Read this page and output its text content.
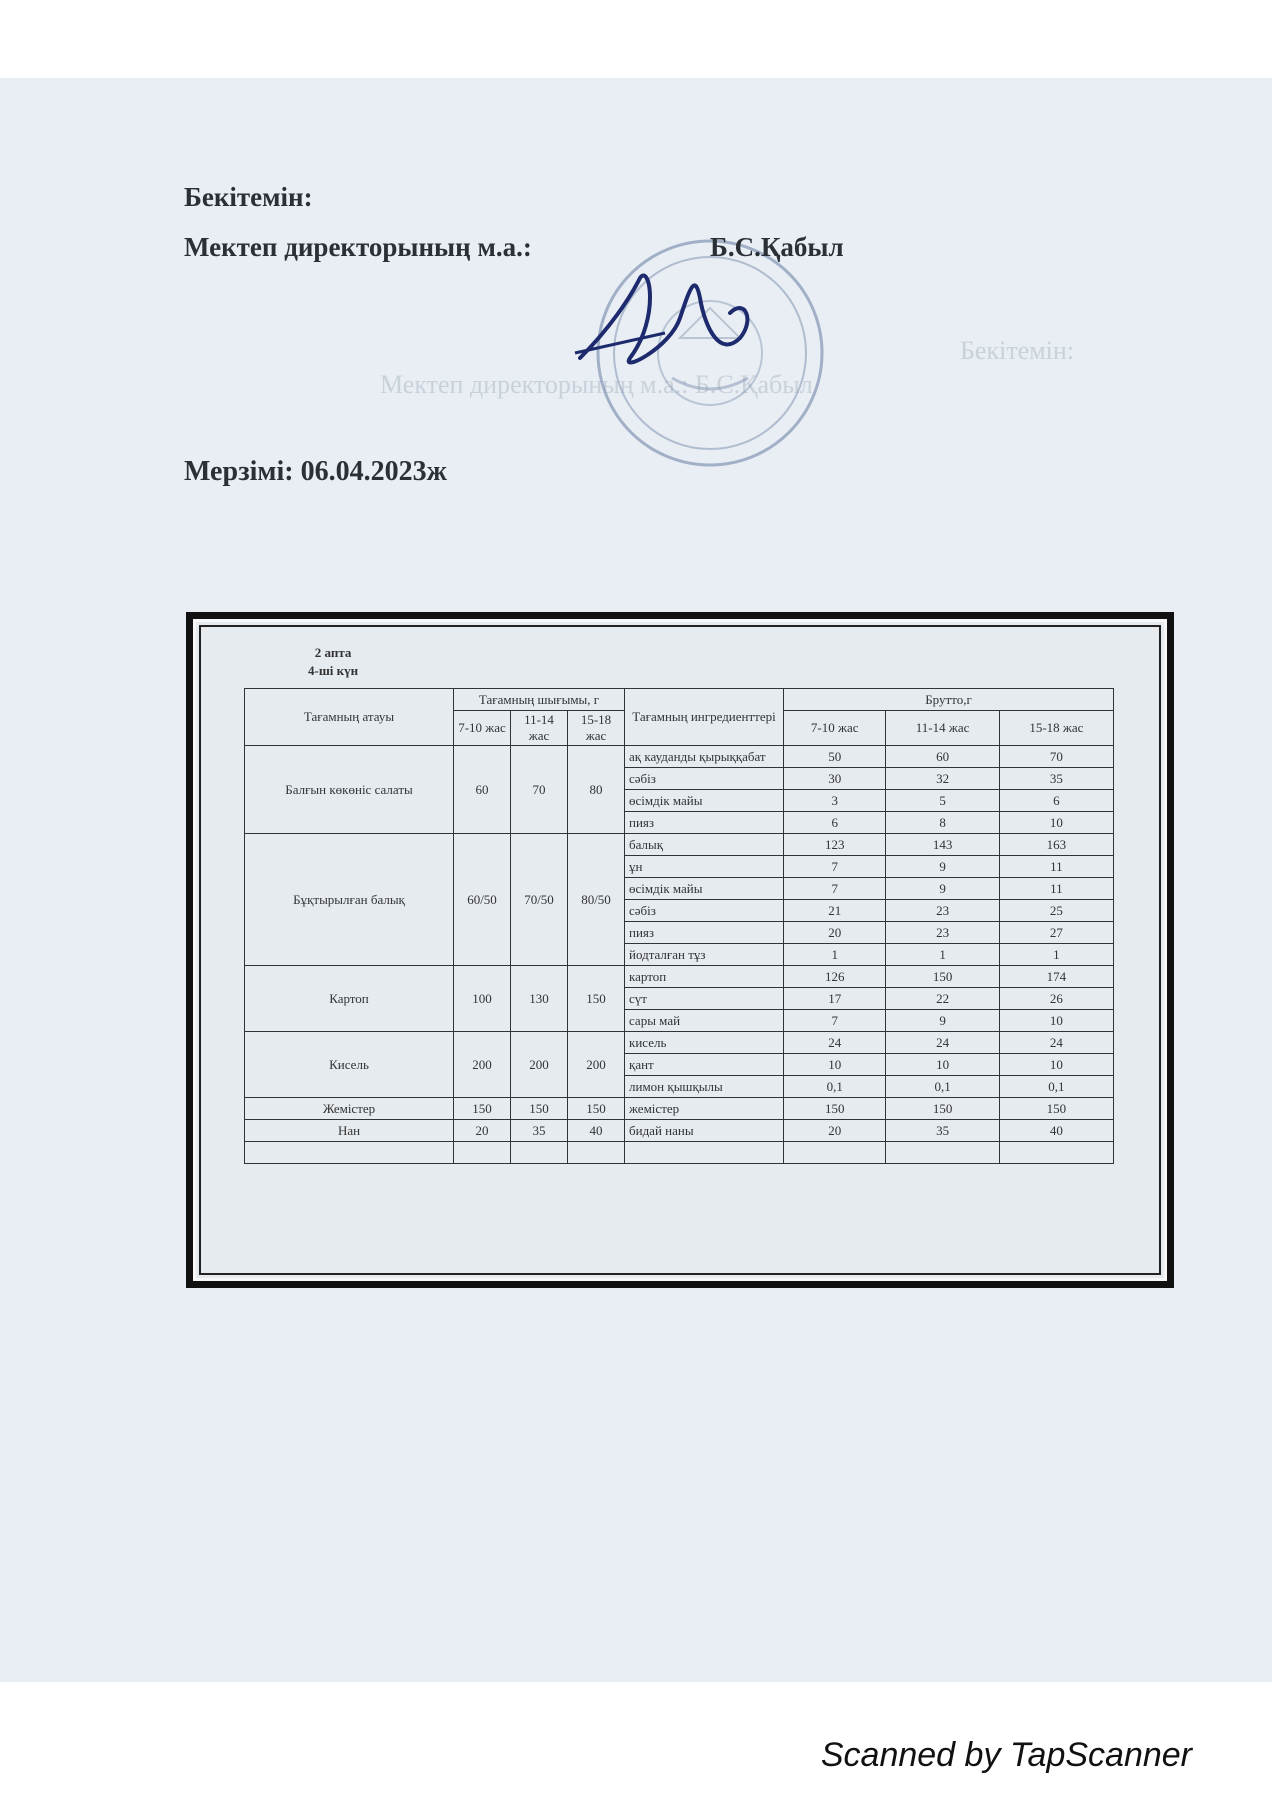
Бекітемін:
Мектеп директорының м.а.: Б.С.Қабыл
Бекітемін:
Мектеп директорының м.а.:	Б.С.Қабыл
Мерзімі: 06.04.2023ж
2 апта
4-ші күн
Тағамның атауы	Тағамның шығымы, г			Тағамның ингредиенттері	Брутто,г		
	7-10 жас	11-14 жас	15-18 жас		7-10 жас	11-14 жас	15-18 жас
Балғын көкөніс салаты	60	70	80	ақ кауданды қырыққабат	50	60	70
				сәбіз	30	32	35
				өсімдік майы	3	5	6
				пияз	6	8	10
Бұқтырылған балық	60/50	70/50	80/50	балық	123	143	163
				ұн	7	9	11
				өсімдік майы	7	9	11
				сәбіз	21	23	25
				пияз	20	23	27
				йодталған тұз	1	1	1
Картоп	100	130	150	картоп	126	150	174
				сүт	17	22	26
				сары май	7	9	10
Кисель	200	200	200	кисель	24	24	24
				қант	10	10	10
				лимон қышқылы	0,1	0,1	0,1
Жемістер	150	150	150	жемістер	150	150	150
Нан	20	35	40	бидай наны	20	35	40

Scanned by TapScanner
